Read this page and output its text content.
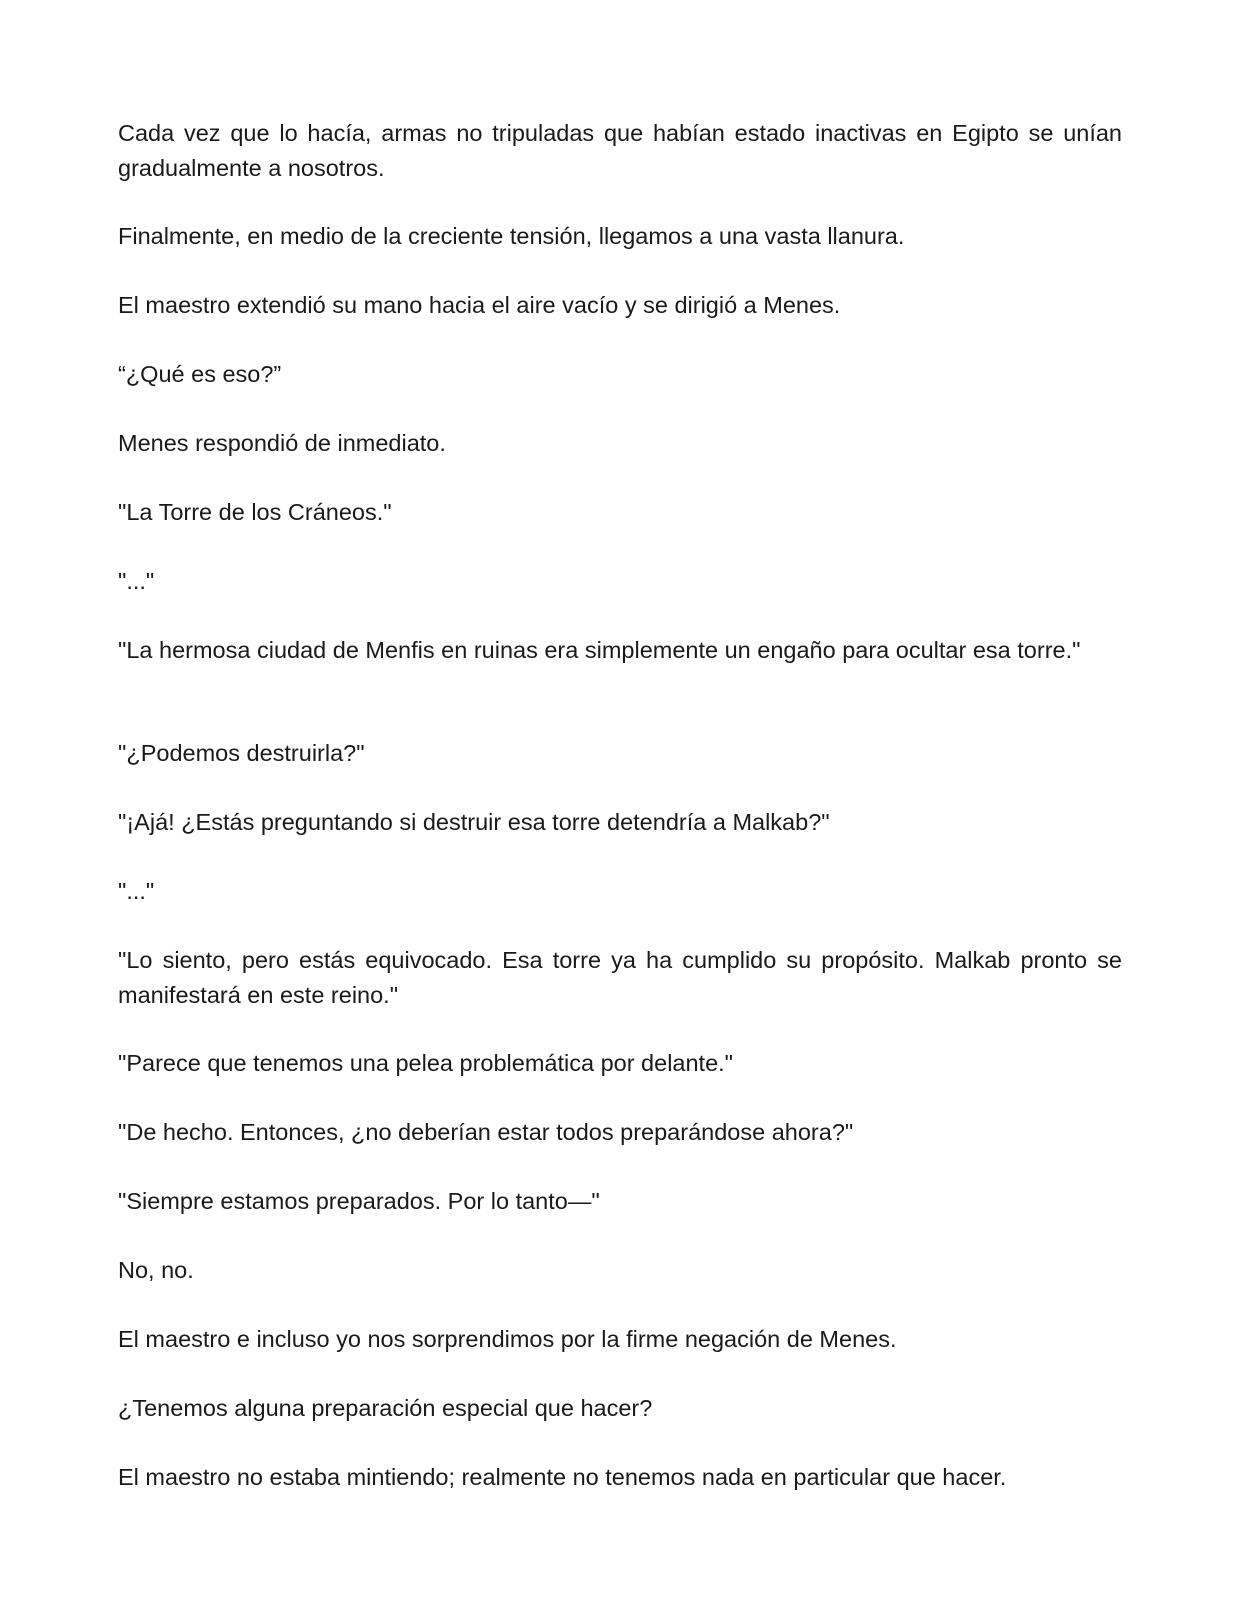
Cada vez que lo hacía, armas no tripuladas que habían estado inactivas en Egipto se unían gradualmente a nosotros.

Finalmente, en medio de la creciente tensión, llegamos a una vasta llanura.

El maestro extendió su mano hacia el aire vacío y se dirigió a Menes.

“¿Qué es eso?”

Menes respondió de inmediato.

"La Torre de los Cráneos."

"..."

"La hermosa ciudad de Menfis en ruinas era simplemente un engaño para ocultar esa torre."

"¿Podemos destruirla?"

"¡Ajá! ¿Estás preguntando si destruir esa torre detendría a Malkab?"

"..."

"Lo siento, pero estás equivocado. Esa torre ya ha cumplido su propósito. Malkab pronto se manifestará en este reino."

"Parece que tenemos una pelea problemática por delante."

"De hecho. Entonces, ¿no deberían estar todos preparándose ahora?"

"Siempre estamos preparados. Por lo tanto—"

No, no.

El maestro e incluso yo nos sorprendimos por la firme negación de Menes.

¿Tenemos alguna preparación especial que hacer?

El maestro no estaba mintiendo; realmente no tenemos nada en particular que hacer.
